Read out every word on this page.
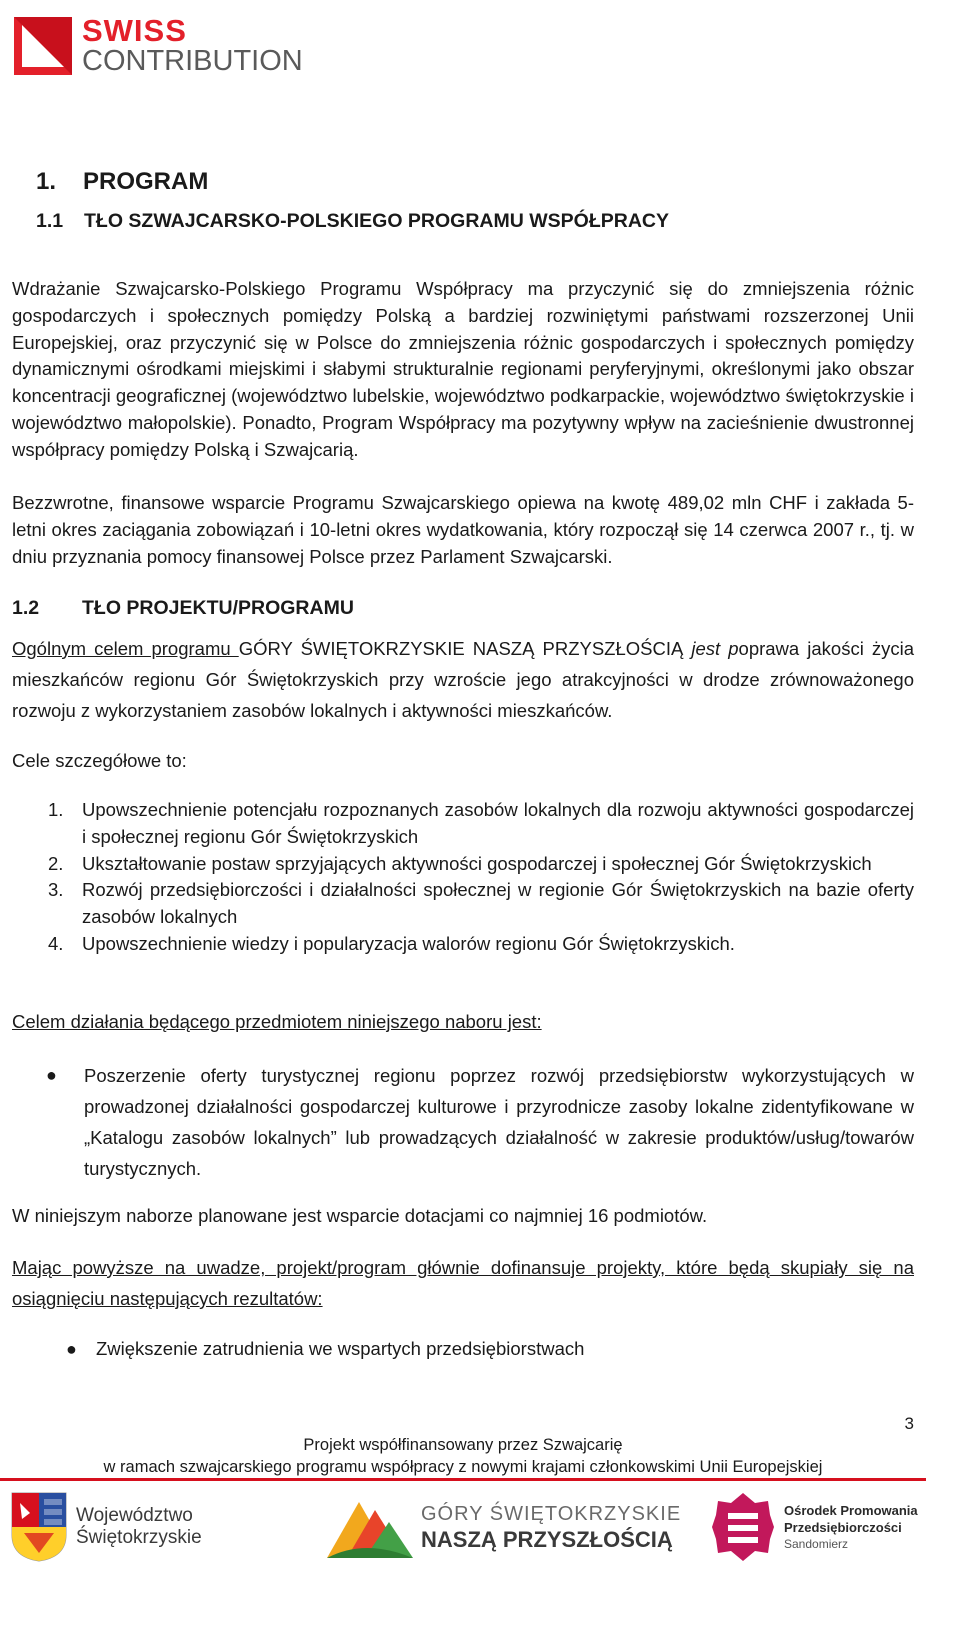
SWISS
CONTRIBUTION
1. PROGRAM
1.1 TŁO SZWAJCARSKO-POLSKIEGO PROGRAMU WSPÓŁPRACY

Wdrażanie Szwajcarsko-Polskiego Programu Współpracy ma przyczynić się do zmniejszenia różnic gospodarczych i społecznych pomiędzy Polską a bardziej rozwiniętymi państwami rozszerzonej Unii Europejskiej, oraz przyczynić się w Polsce do zmniejszenia różnic gospodarczych i społecznych pomiędzy dynamicznymi ośrodkami miejskimi i słabymi strukturalnie regionami peryferyjnymi, określonymi jako obszar koncentracji geograficznej (województwo lubelskie, województwo podkarpackie, województwo świętokrzyskie i województwo małopolskie). Ponadto, Program Współpracy ma pozytywny wpływ na zacieśnienie dwustronnej współpracy pomiędzy Polską i Szwajcarią.

Bezzwrotne, finansowe wsparcie Programu Szwajcarskiego opiewa na kwotę 489,02 mln CHF i zakłada 5-letni okres zaciągania zobowiązań i 10-letni okres wydatkowania, który rozpoczął się 14 czerwca 2007 r., tj. w dniu przyznania pomocy finansowej Polsce przez Parlament Szwajcarski.

1.2 TŁO PROJEKTU/PROGRAMU

Ogólnym celem programu GÓRY ŚWIĘTOKRZYSKIE NASZĄ PRZYSZŁOŚCIĄ jest poprawa jakości życia mieszkańców regionu Gór Świętokrzyskich przy wzroście jego atrakcyjności w drodze zrównoważonego rozwoju z wykorzystaniem zasobów lokalnych i aktywności mieszkańców.

Cele szczegółowe to:

1. Upowszechnienie potencjału rozpoznanych zasobów lokalnych dla rozwoju aktywności gospodarczej i społecznej regionu Gór Świętokrzyskich
2. Ukształtowanie postaw sprzyjających aktywności gospodarczej i społecznej Gór Świętokrzyskich
3. Rozwój przedsiębiorczości i działalności społecznej w regionie Gór Świętokrzyskich na bazie oferty zasobów lokalnych
4. Upowszechnienie wiedzy i popularyzacja walorów regionu Gór Świętokrzyskich.

Celem działania będącego przedmiotem niniejszego naboru jest:

● Poszerzenie oferty turystycznej regionu poprzez rozwój przedsiębiorstw wykorzystujących w prowadzonej działalności gospodarczej kulturowe i przyrodnicze zasoby lokalne zidentyfikowane w „Katalogu zasobów lokalnych” lub prowadzących działalność w zakresie produktów/usług/towarów turystycznych.

W niniejszym naborze planowane jest wsparcie dotacjami co najmniej 16 podmiotów.

Mając powyższe na uwadze, projekt/program głównie dofinansuje projekty, które będą skupiały się na osiągnięciu następujących rezultatów:

● Zwiększenie zatrudnienia we wspartych przedsiębiorstwach
3
Projekt współfinansowany przez Szwajcarię
w ramach szwajcarskiego programu współpracy z nowymi krajami członkowskimi Unii Europejskiej
Województwo
Świętokrzyskie
GÓRY ŚWIĘTOKRZYSKIE
NASZĄ PRZYSZŁOŚCIĄ
Ośrodek Promowania
Przedsiębiorczości
Sandomierz
